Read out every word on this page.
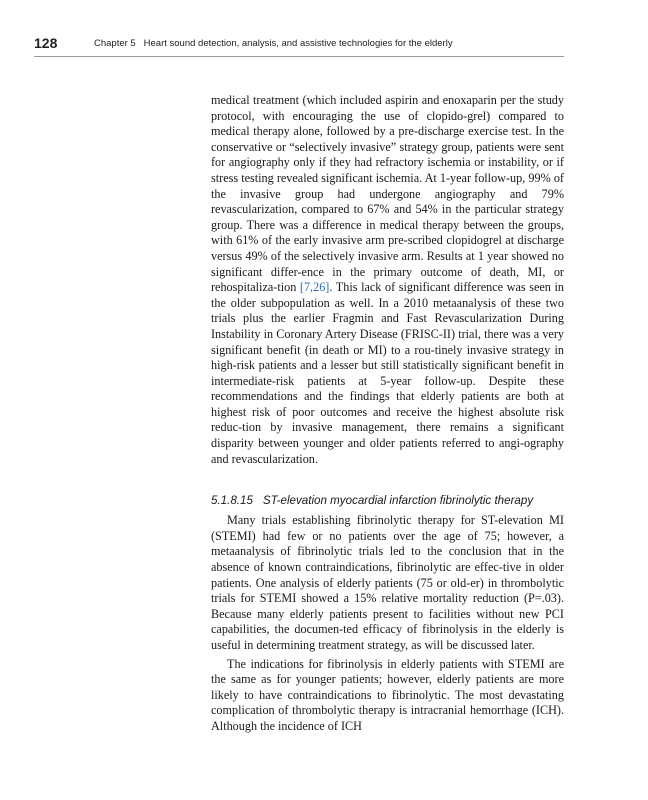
128	Chapter 5 Heart sound detection, analysis, and assistive technologies for the elderly

medical treatment (which included aspirin and enoxaparin per the study protocol, with encouraging the use of clopido-grel) compared to medical therapy alone, followed by a pre-discharge exercise test. In the conservative or “selectively invasive” strategy group, patients were sent for angiography only if they had refractory ischemia or instability, or if stress testing revealed significant ischemia. At 1-year follow-up, 99% of the invasive group had undergone angiography and 79% revascularization, compared to 67% and 54% in the particular strategy group. There was a difference in medical therapy between the groups, with 61% of the early invasive arm pre-scribed clopidogrel at discharge versus 49% of the selectively invasive arm. Results at 1 year showed no significant differ-ence in the primary outcome of death, MI, or rehospitaliza-tion [7,26]. This lack of significant difference was seen in the older subpopulation as well. In a 2010 metaanalysis of these two trials plus the earlier Fragmin and Fast Revascularization During Instability in Coronary Artery Disease (FRISC-II) trial, there was a very significant benefit (in death or MI) to a rou-tinely invasive strategy in high-risk patients and a lesser but still statistically significant benefit in intermediate-risk patients at 5-year follow-up. Despite these recommendations and the findings that elderly patients are both at highest risk of poor outcomes and receive the highest absolute risk reduc-tion by invasive management, there remains a significant disparity between younger and older patients referred to angi-ography and revascularization.

5.1.8.15 ST-elevation myocardial infarction fibrinolytic therapy

Many trials establishing fibrinolytic therapy for ST-elevation MI (STEMI) had few or no patients over the age of 75; however, a metaanalysis of fibrinolytic trials led to the conclusion that in the absence of known contraindications, fibrinolytic are effec-tive in older patients. One analysis of elderly patients (75 or old-er) in thrombolytic trials for STEMI showed a 15% relative mortality reduction (P=.03). Because many elderly patients present to facilities without new PCI capabilities, the documen-ted efficacy of fibrinolysis in the elderly is useful in determining treatment strategy, as will be discussed later.

The indications for fibrinolysis in elderly patients with STEMI are the same as for younger patients; however, elderly patients are more likely to have contraindications to fibrinolytic. The most devastating complication of thrombolytic therapy is intracranial hemorrhage (ICH). Although the incidence of ICH
